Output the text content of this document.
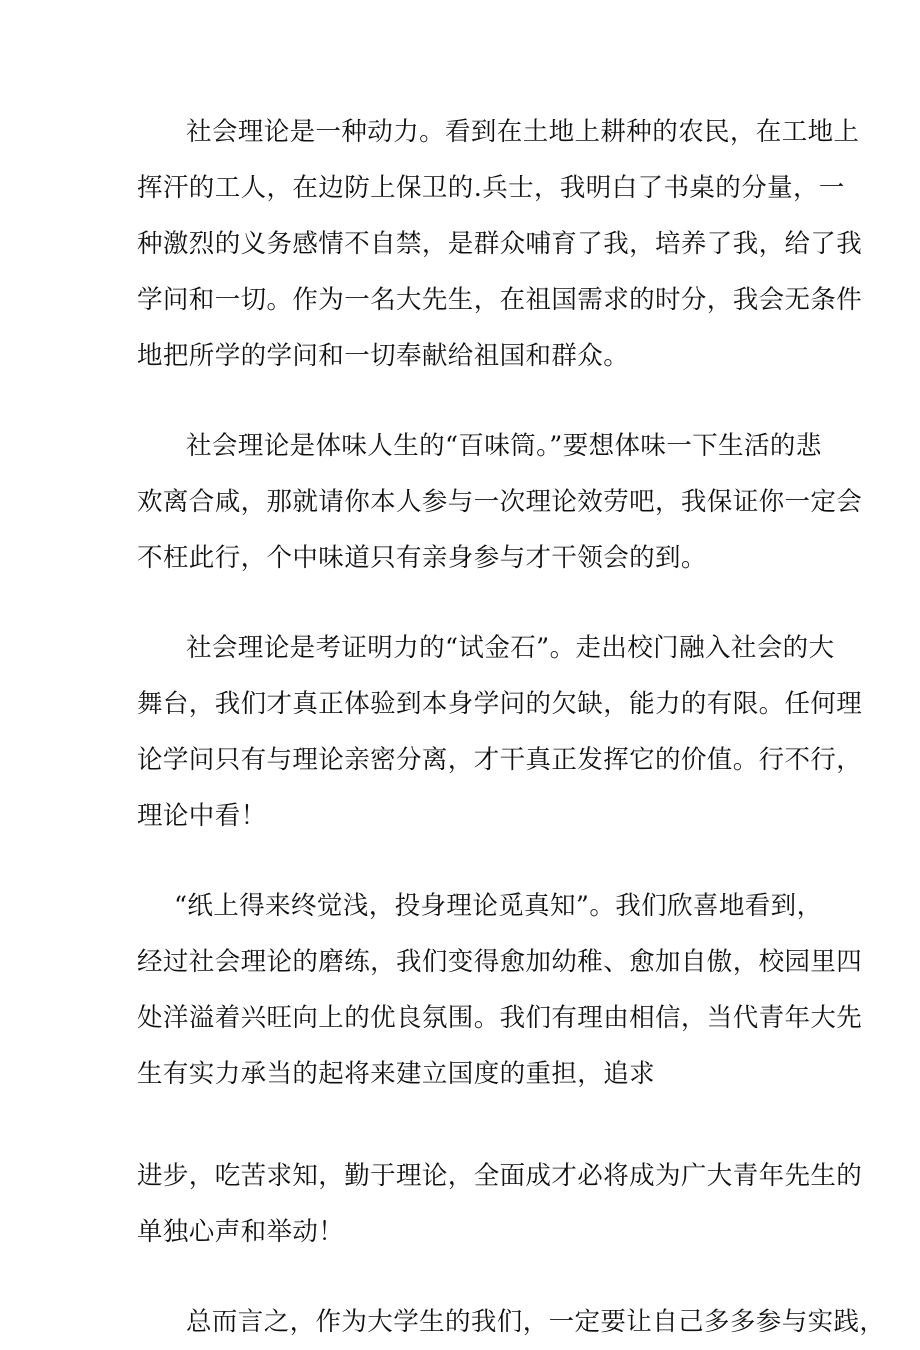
社会理论是一种动力。看到在土地上耕种的农民，在工地上

挥汗的工人，在边防上保卫的.兵士，我明白了书桌的分量，一

种激烈的义务感情不自禁，是群众哺育了我，培养了我，给了我

学问和一切。作为一名大先生，在祖国需求的时分，我会无条件

地把所学的学问和一切奉献给祖国和群众。

社会理论是体味人生的“百味筒。”要想体味一下生活的悲

欢离合咸，那就请你本人参与一次理论效劳吧，我保证你一定会

不枉此行，个中味道只有亲身参与才干领会的到。

社会理论是考证明力的“试金石”。走出校门融入社会的大

舞台，我们才真正体验到本身学问的欠缺，能力的有限。任何理

论学问只有与理论亲密分离，才干真正发挥它的价值。行不行，

理论中看！

“纸上得来终觉浅，投身理论觅真知”。我们欣喜地看到，

经过社会理论的磨练，我们变得愈加幼稚、愈加自傲，校园里四

处洋溢着兴旺向上的优良氛围。我们有理由相信，当代青年大先

生有实力承当的起将来建立国度的重担，追求

进步，吃苦求知，勤于理论，全面成才必将成为广大青年先生的

单独心声和举动！

总而言之，作为大学生的我们，一定要让自己多多参与实践，
